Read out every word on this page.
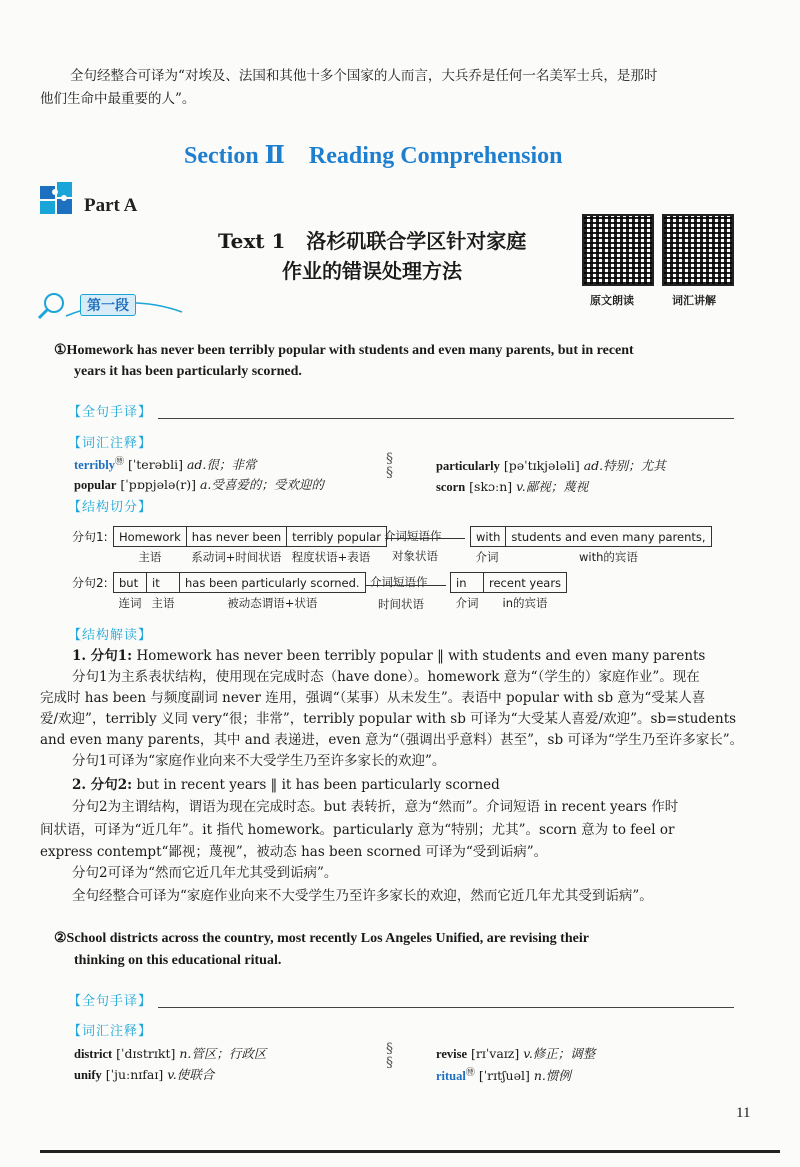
全句经整合可译为“对埃及、法国和其他十多个国家的人而言，大兵乔是任何一名美军士兵，是那时
他们生命中最重要的人”。
Section Ⅱ    Reading Comprehension
Part A
Text 1   洛杉矶联合学区针对家庭
作业的错误处理方法
原文朗读	词汇讲解
第一段
①Homework has never been terribly popular with students and even many parents, but in recent
years it has been particularly scorned.
【全句手译】
【词汇注释】
terribly㊕ [ˈterəbli] ad.很；非常
popular [ˈpɒpjələ(r)] a.受喜爱的；受欢迎的
§
§	particularly [pəˈtɪkjələli] ad.特别；尤其
scorn [skɔːn] v.鄙视；蔑视
【结构切分】
分句1: Homework	has never been	terribly popular
主语	系动词+时间状语	程度状语+表语
介词短语作
对象状语
with	students and even many parents,
介词	with的宾语
分句2: but	it	has been particularly scorned.
连词	主语	被动态谓语+状语
介词短语作
时间状语
in	recent years
介词	in的宾语
【结构解读】
1. 分句1: Homework has never been terribly popular ‖ with students and even many parents
分句1为主系表状结构，使用现在完成时态（have done）。homework 意为“（学生的）家庭作业”。现在
完成时 has been 与频度副词 never 连用，强调“（某事）从未发生”。表语中 popular with sb 意为“受某人喜
爱/欢迎”，terribly 义同 very“很；非常”，terribly popular with sb 可译为“大受某人喜爱/欢迎”。sb=students
and even many parents，其中 and 表递进，even 意为“（强调出乎意料）甚至”，sb 可译为“学生乃至许多家长”。
分句1可译为“家庭作业向来不大受学生乃至许多家长的欢迎”。
2. 分句2: but in recent years ‖ it has been particularly scorned
分句2为主谓结构，谓语为现在完成时态。but 表转折，意为“然而”。介词短语 in recent years 作时
间状语，可译为“近几年”。it 指代 homework。particularly 意为“特别；尤其”。scorn 意为 to feel or
express contempt“鄙视；蔑视”，被动态 has been scorned 可译为“受到诟病”。
分句2可译为“然而它近几年尤其受到诟病”。
全句经整合可译为“家庭作业向来不大受学生乃至许多家长的欢迎，然而它近几年尤其受到诟病”。
②School districts across the country, most recently Los Angeles Unified, are revising their
thinking on this educational ritual.
【全句手译】
【词汇注释】
district [ˈdɪstrɪkt] n.管区；行政区
unify [ˈjuːnɪfaɪ] v.使联合
§
§
revise [rɪˈvaɪz] v.修正；调整
ritual㊕ [ˈrɪtʃuəl] n.惯例
11
